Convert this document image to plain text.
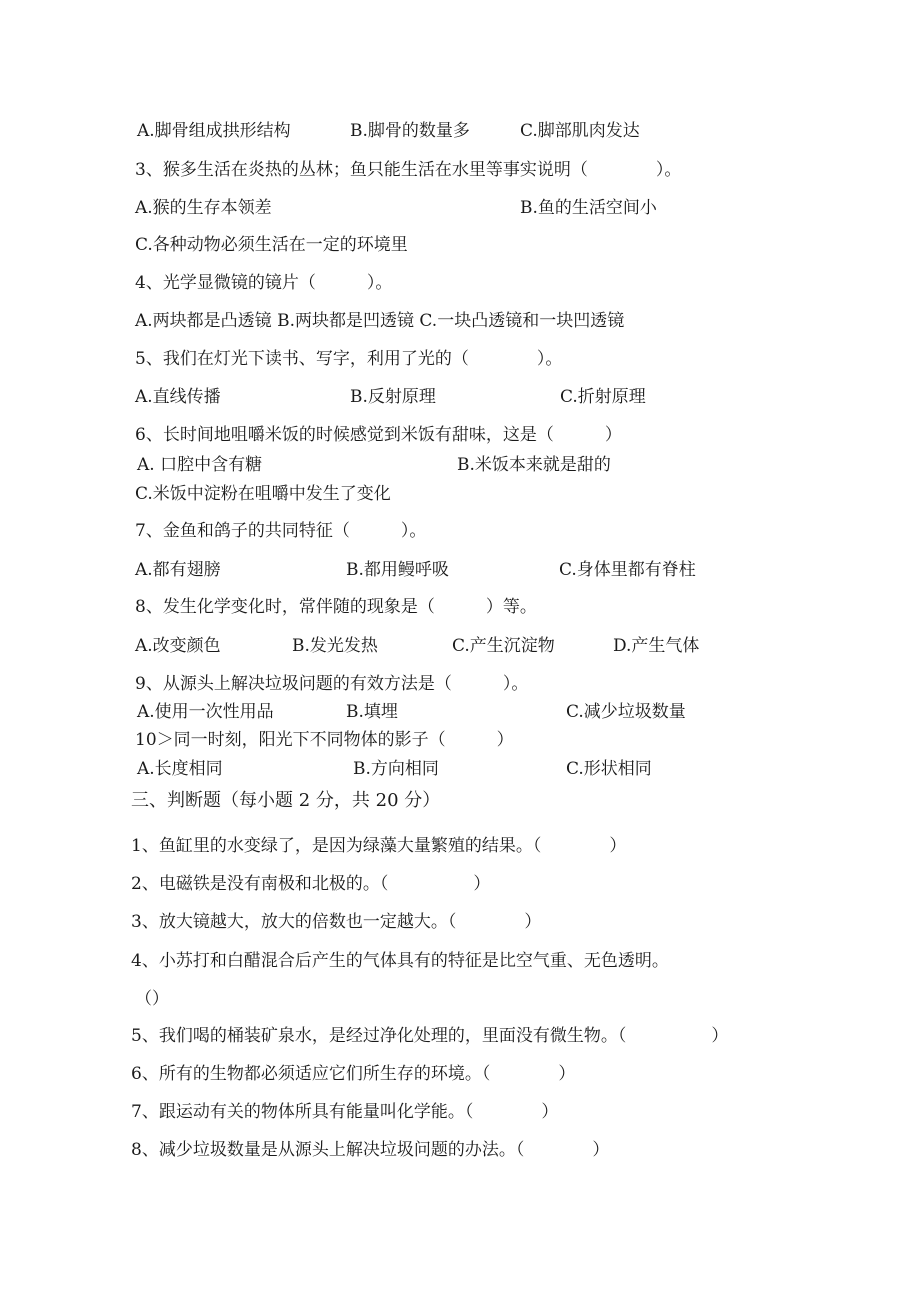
A.脚骨组成拱形结构	B.脚骨的数量多	C.脚部肌肉发达
3、猴多生活在炎热的丛林；鱼只能生活在水里等事实说明（　　　　）。
A.猴的生存本领差	B.鱼的生活空间小
C.各种动物必须生活在一定的环境里
4、光学显微镜的镜片（　　　）。
A.两块都是凸透镜 B.两块都是凹透镜 C.一块凸透镜和一块凹透镜
5、我们在灯光下读书、写字，利用了光的（　　　　）。
A.直线传播	B.反射原理	C.折射原理
6、长时间地咀嚼米饭的时候感觉到米饭有甜味，这是（　　　）
A. 口腔中含有糖	B.米饭本来就是甜的
C.米饭中淀粉在咀嚼中发生了变化
7、金鱼和鸽子的共同特征（　　　）。
A.都有翅膀	B.都用鳗呼吸	C.身体里都有脊柱
8、发生化学变化时，常伴随的现象是（　　　）等。
A.改变颜色	B.发光发热	C.产生沉淀物	D.产生气体
9、从源头上解决垃圾问题的有效方法是（　　　）。
A.使用一次性用品	B.填埋	C.减少垃圾数量
10＞同一时刻，阳光下不同物体的影子（　　　）
A.长度相同	B.方向相同	C.形状相同
三、判断题（每小题 2 分，共 20 分）
1、鱼缸里的水变绿了，是因为绿藻大量繁殖的结果。（　　　　）
2、电磁铁是没有南极和北极的。（　　　　　）
3、放大镜越大，放大的倍数也一定越大。（　　　　）
4、小苏打和白醋混合后产生的气体具有的特征是比空气重、无色透明。
（）
5、我们喝的桶装矿泉水，是经过净化处理的，里面没有微生物。（　　　　　）
6、所有的生物都必须适应它们所生存的环境。（　　　　）
7、跟运动有关的物体所具有能量叫化学能。（　　　　）
8、减少垃圾数量是从源头上解决垃圾问题的办法。（　　　　）
